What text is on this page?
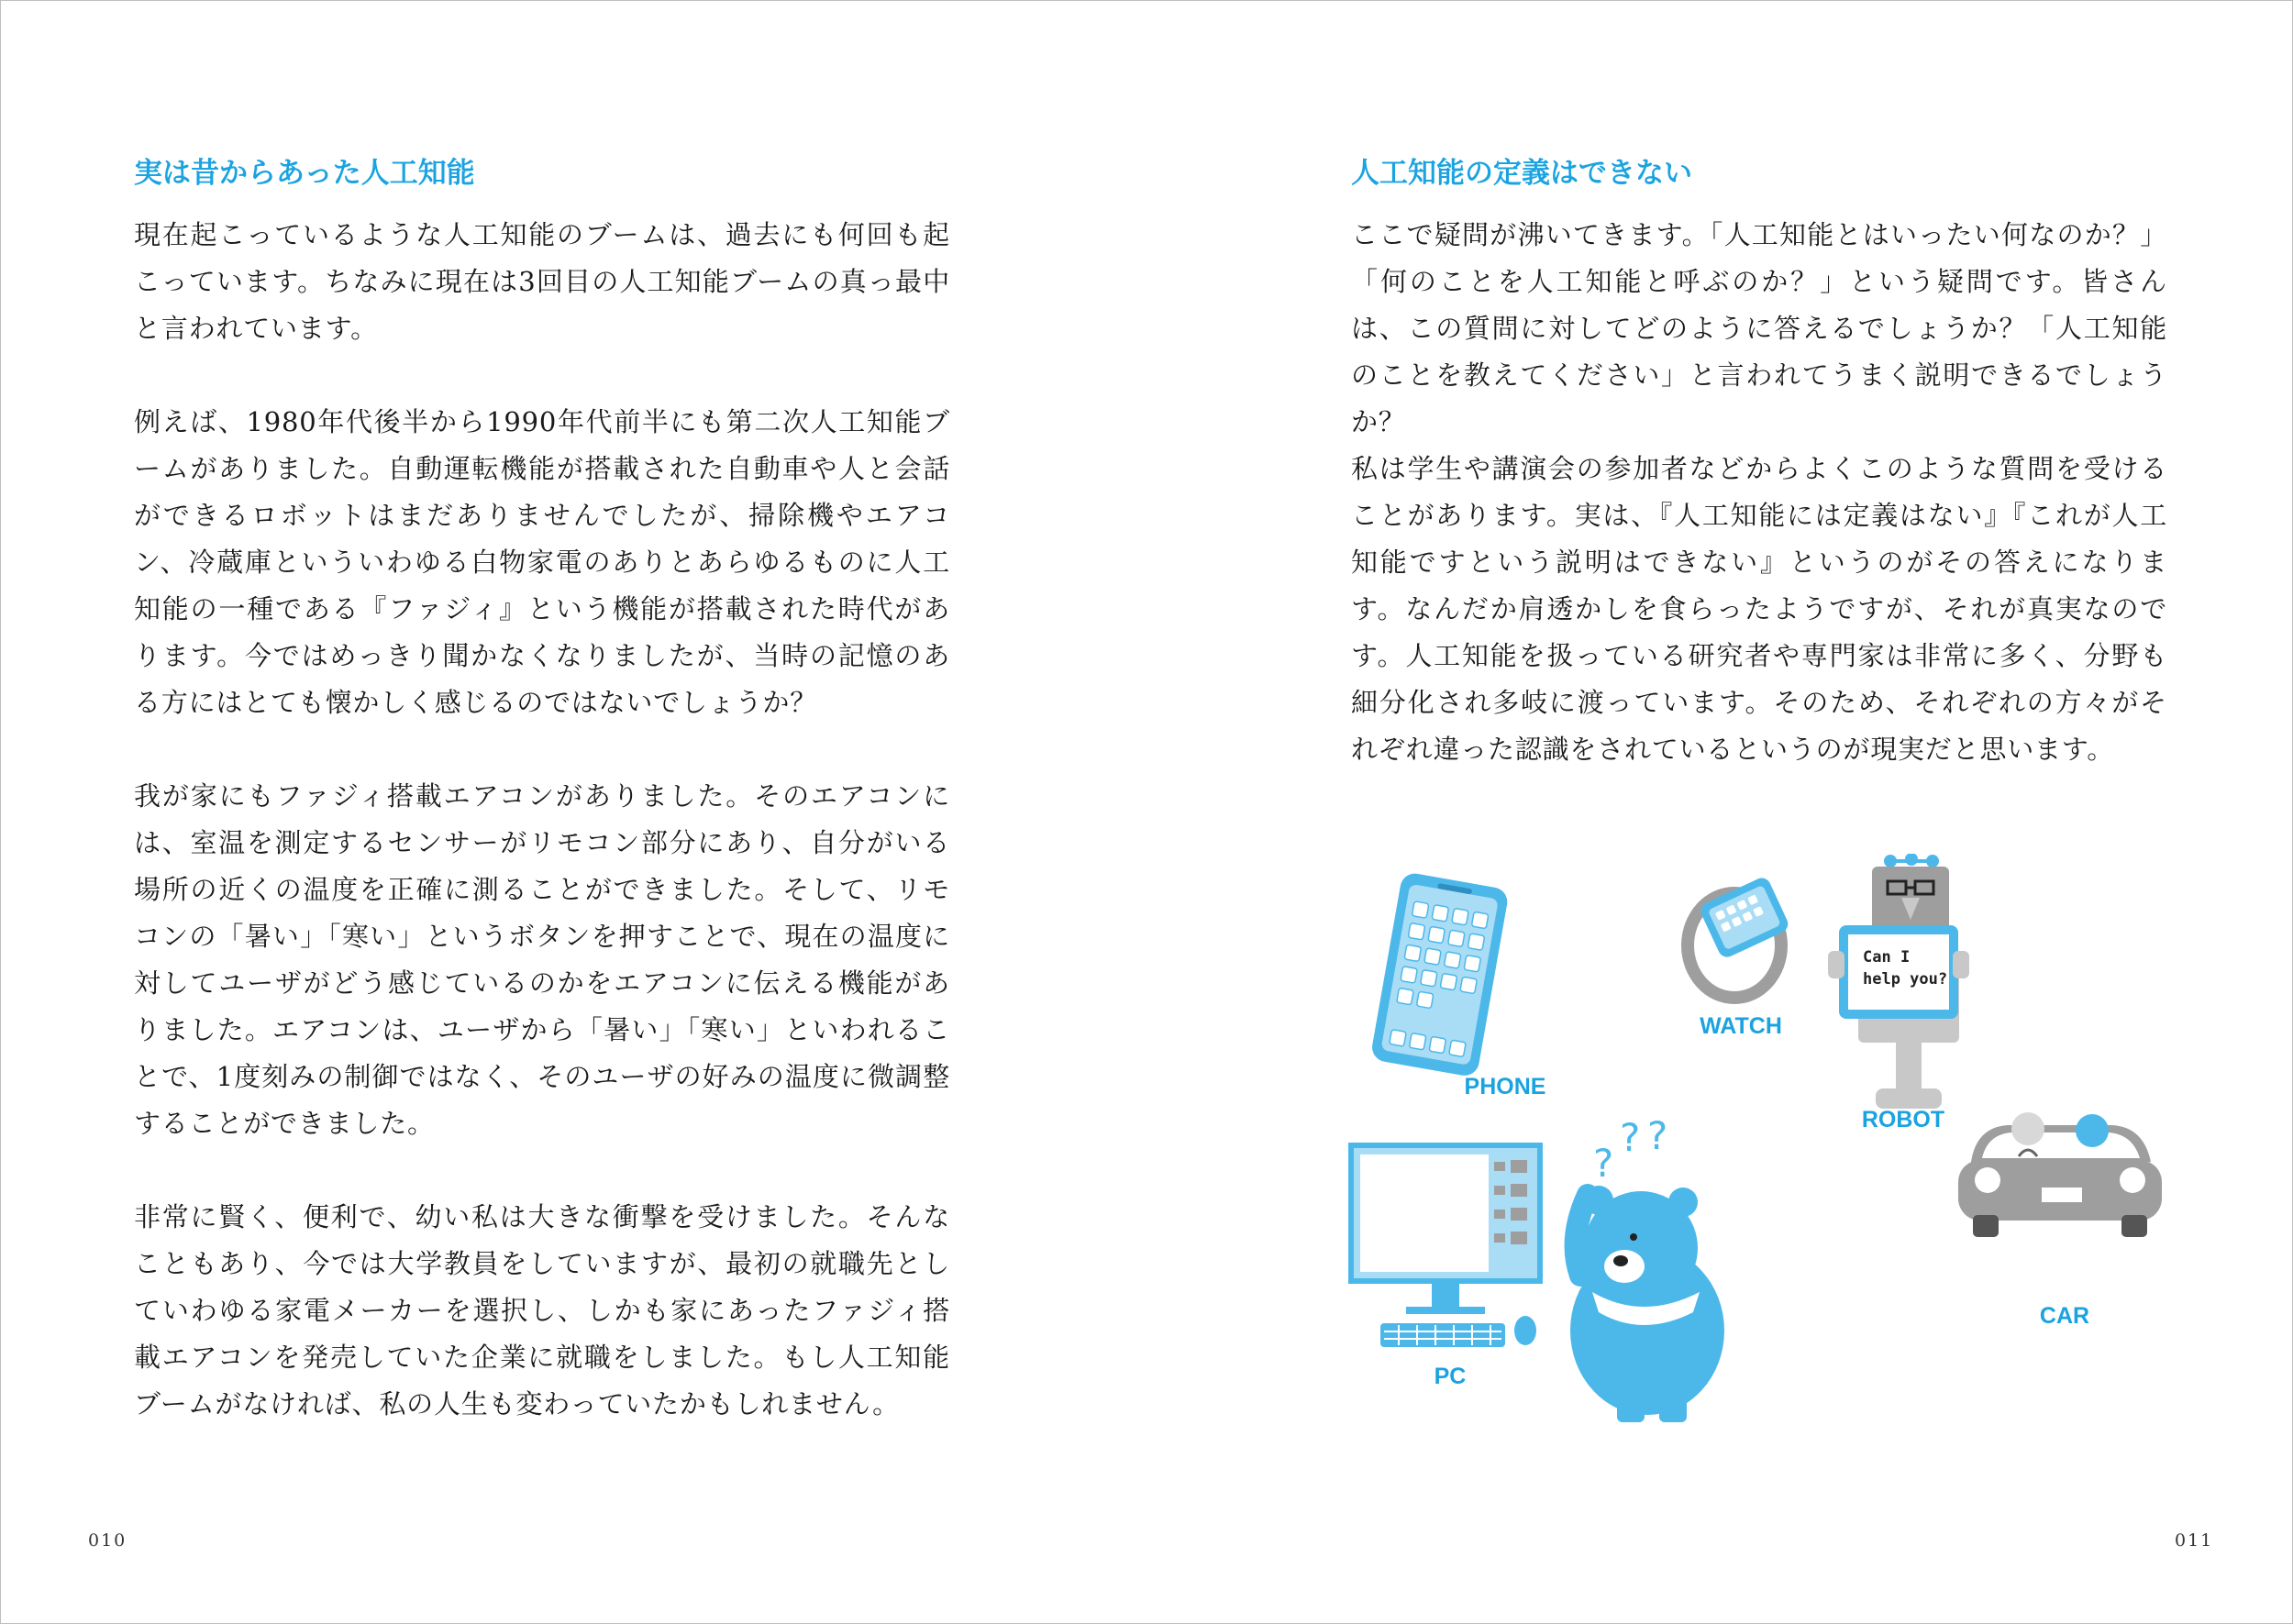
実は昔からあった人工知能

現在起こっているような人工知能のブームは、過去にも何回も起こっています。ちなみに現在は3回目の人工知能ブームの真っ最中と言われています。

例えば、1980年代後半から1990年代前半にも第二次人工知能ブームがありました。自動運転機能が搭載された自動車や人と会話ができるロボットはまだありませんでしたが、掃除機やエアコン、冷蔵庫といういわゆる白物家電のありとあらゆるものに人工知能の一種である『ファジィ』という機能が搭載された時代があります。今ではめっきり聞かなくなりましたが、当時の記憶のある方にはとても懐かしく感じるのではないでしょうか？

我が家にもファジィ搭載エアコンがありました。そのエアコンには、室温を測定するセンサーがリモコン部分にあり、自分がいる場所の近くの温度を正確に測ることができました。そして、リモコンの「暑い」「寒い」というボタンを押すことで、現在の温度に対してユーザがどう感じているのかをエアコンに伝える機能がありました。エアコンは、ユーザから「暑い」「寒い」といわれることで、1度刻みの制御ではなく、そのユーザの好みの温度に微調整することができました。

非常に賢く、便利で、幼い私は大きな衝撃を受けました。そんなこともあり、今では大学教員をしていますが、最初の就職先としていわゆる家電メーカーを選択し、しかも家にあったファジィ搭載エアコンを発売していた企業に就職をしました。もし人工知能ブームがなければ、私の人生も変わっていたかもしれません。

010
人工知能の定義はできない

ここで疑問が沸いてきます。「人工知能とはいったい何なのか？」「何のことを人工知能と呼ぶのか？」という疑問です。皆さんは、この質問に対してどのように答えるでしょうか？「人工知能のことを教えてください」と言われてうまく説明できるでしょうか？

私は学生や講演会の参加者などからよくこのような質問を受けることがあります。実は、『人工知能には定義はない』『これが人工知能ですという説明はできない』というのがその答えになります。なんだか肩透かしを食らったようですが、それが真実なのです。人工知能を扱っている研究者や専門家は非常に多く、分野も細分化され多岐に渡っています。そのため、それぞれの方々がそれぞれ違った認識をされているというのが現実だと思います。

011
PHONE
WATCH
Can I
help you?
ROBOT
PC
?
? ?
CAR
